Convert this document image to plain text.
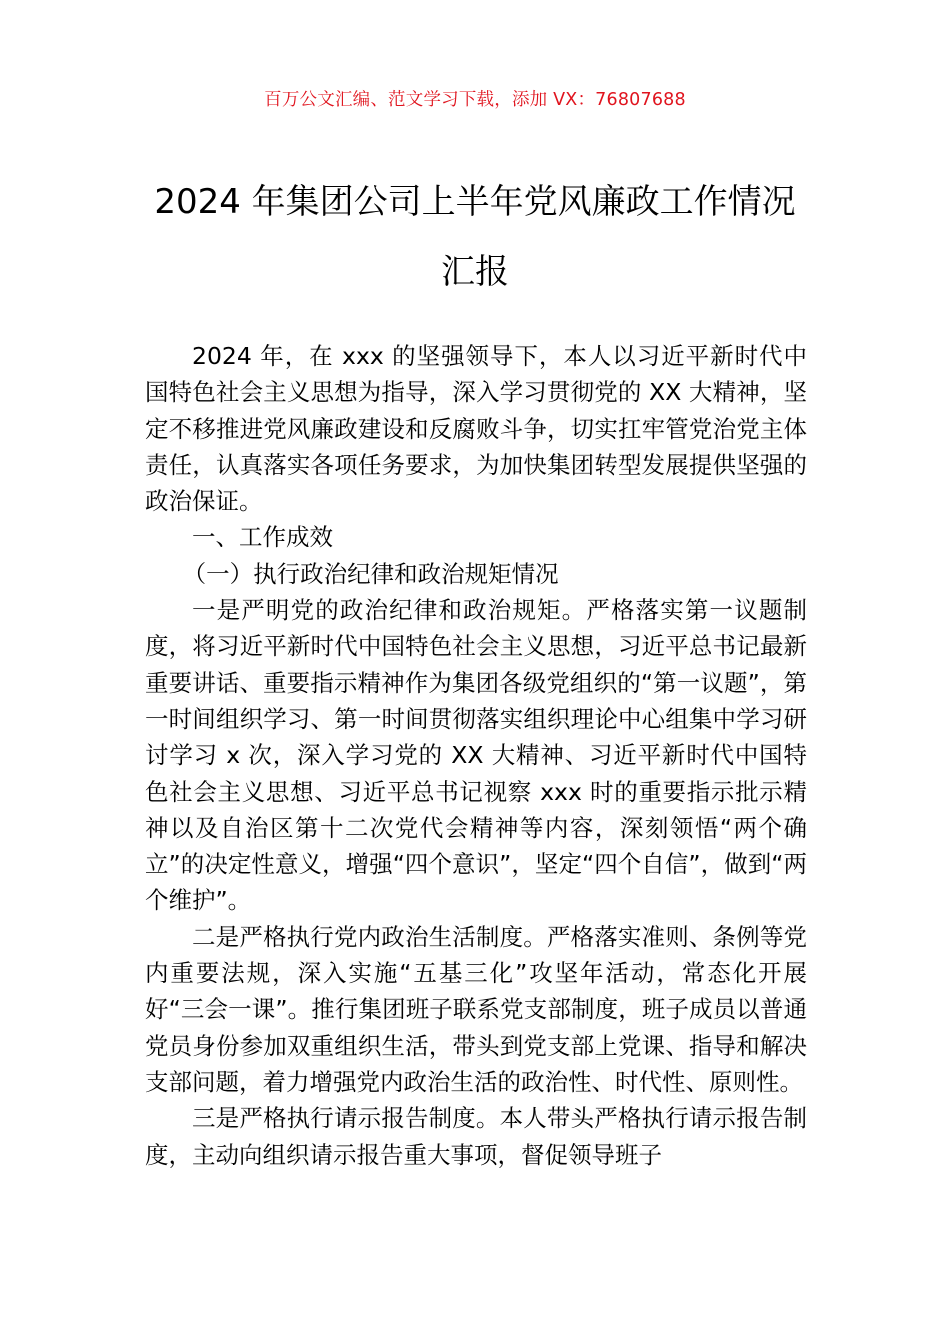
百万公文汇编、范文学习下载，添加 VX：76807688
2024 年集团公司上半年党风廉政工作情况
汇报

2024 年，在 xxx 的坚强领导下，本人以习近平新时代中国特色社会主义思想为指导，深入学习贯彻党的 XX 大精神，坚定不移推进党风廉政建设和反腐败斗争，切实扛牢管党治党主体责任，认真落实各项任务要求，为加快集团转型发展提供坚强的政治保证。

一、工作成效

（一）执行政治纪律和政治规矩情况

一是严明党的政治纪律和政治规矩。严格落实第一议题制度，将习近平新时代中国特色社会主义思想，习近平总书记最新重要讲话、重要指示精神作为集团各级党组织的“第一议题”，第一时间组织学习、第一时间贯彻落实组织理论中心组集中学习研讨学习 x 次，深入学习党的 XX 大精神、习近平新时代中国特色社会主义思想、习近平总书记视察 xxx 时的重要指示批示精神以及自治区第十二次党代会精神等内容，深刻领悟“两个确立”的决定性意义，增强“四个意识”，坚定“四个自信”，做到“两个维护”。

二是严格执行党内政治生活制度。严格落实准则、条例等党内重要法规，深入实施“五基三化”攻坚年活动，常态化开展好“三会一课”。推行集团班子联系党支部制度，班子成员以普通党员身份参加双重组织生活，带头到党支部上党课、指导和解决支部问题，着力增强党内政治生活的政治性、时代性、原则性。

三是严格执行请示报告制度。本人带头严格执行请示报告制度，主动向组织请示报告重大事项，督促领导班子
